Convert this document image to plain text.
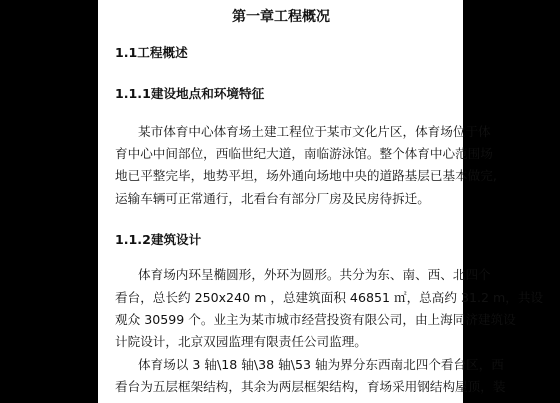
第一章工程概况
1.1工程概述
1.1.1建设地点和环境特征
某市体育中心体育场土建工程位于某市文化片区，体育场位于体
育中心中间部位，西临世纪大道，南临游泳馆。整个体育中心范围场
地已平整完毕，地势平坦，场外通向场地中央的道路基层已基本做完,
运输车辆可正常通行，北看台有部分厂房及民房待拆迁。
1.1.2建筑设计
体育场内环呈椭圆形，外环为圆形。共分为东、南、西、北四个
看台，总长约 250x240 m ，总建筑面积 46851 ㎡，总高约 31.2 m，共设
观众 30599 个。业主为某市城市经营投资有限公司，由上海同济建筑设
计院设计，北京双园监理有限责任公司监理。
体育场以 3 轴\18 轴\38 轴\53 轴为界分东西南北四个看台区，西
看台为五层框架结构，其余为两层框架结构，育场采用钢结构屋顶，装
